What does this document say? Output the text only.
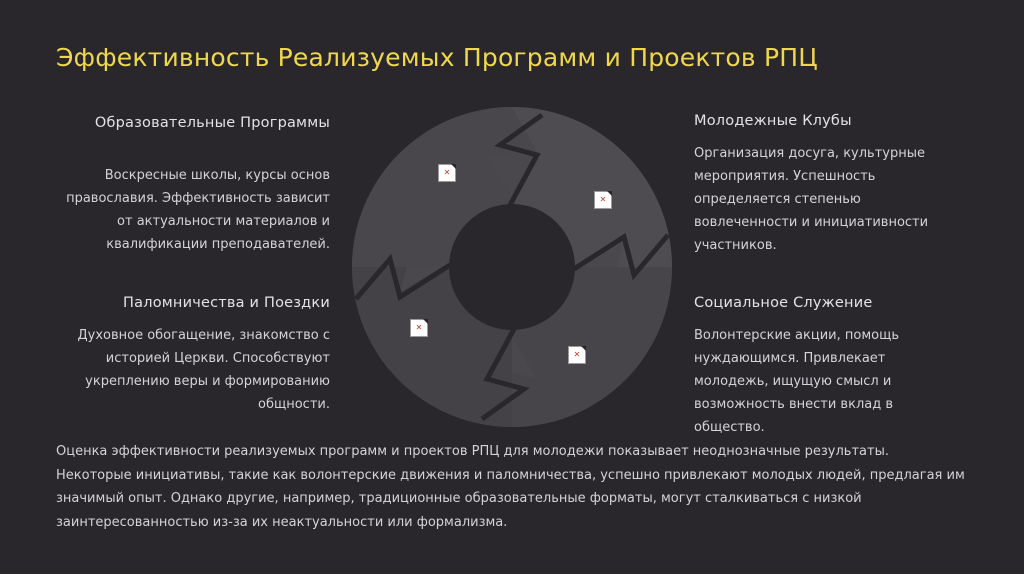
Эффективность Реализуемых Программ и Проектов РПЦ
Образовательные Программы
Воскресные школы, курсы основ православия. Эффективность зависит от актуальности материалов и квалификации преподавателей.
Паломничества и Поездки
Духовное обогащение, знакомство с историей Церкви. Способствуют укреплению веры и формированию общности.
Молодежные Клубы
Организация досуга, культурные мероприятия. Успешность определяется степенью вовлеченности и инициативности участников.
Социальное Служение
Волонтерские акции, помощь нуждающимся. Привлекает молодежь, ищущую смысл и возможность внести вклад в общество.
✕
✕
✕
✕
Оценка эффективности реализуемых программ и проектов РПЦ для молодежи показывает неоднозначные результаты. Некоторые инициативы, такие как волонтерские движения и паломничества, успешно привлекают молодых людей, предлагая им значимый опыт. Однако другие, например, традиционные образовательные форматы, могут сталкиваться с низкой заинтересованностью из-за их неактуальности или формализма.
